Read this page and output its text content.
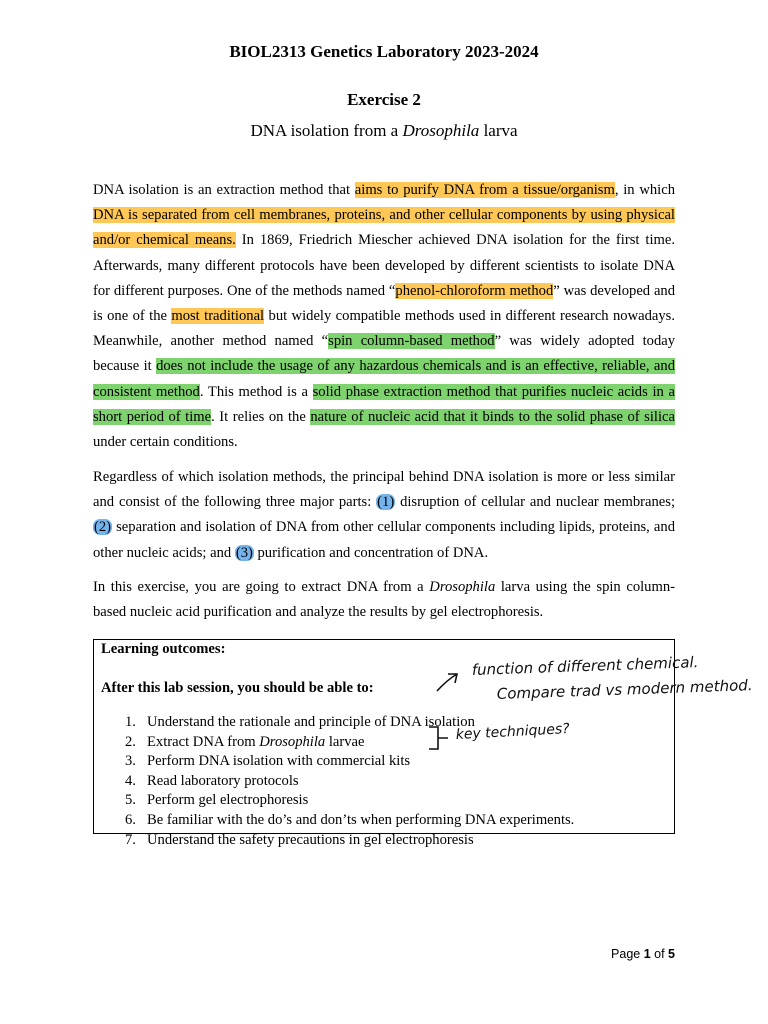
BIOL2313 Genetics Laboratory 2023-2024
Exercise 2
DNA isolation from a Drosophila larva

DNA isolation is an extraction method that aims to purify DNA from a tissue/organism, in which DNA is separated from cell membranes, proteins, and other cellular components by using physical and/or chemical means. In 1869, Friedrich Miescher achieved DNA isolation for the first time. Afterwards, many different protocols have been developed by different scientists to isolate DNA for different purposes. One of the methods named “phenol-chloroform method” was developed and is one of the most traditional but widely compatible methods used in different research nowadays. Meanwhile, another method named “spin column-based method” was widely adopted today because it does not include the usage of any hazardous chemicals and is an effective, reliable, and consistent method. This method is a solid phase extraction method that purifies nucleic acids in a short period of time. It relies on the nature of nucleic acid that it binds to the solid phase of silica under certain conditions.

Regardless of which isolation methods, the principal behind DNA isolation is more or less similar and consist of the following three major parts: (1) disruption of cellular and nuclear membranes; (2) separation and isolation of DNA from other cellular components including lipids, proteins, and other nucleic acids; and (3) purification and concentration of DNA.

In this exercise, you are going to extract DNA from a Drosophila larva using the spin column-based nucleic acid purification and analyze the results by gel electrophoresis.

Learning outcomes:
After this lab session, you should be able to:
1. Understand the rationale and principle of DNA isolation
2. Extract DNA from Drosophila larvae
3. Perform DNA isolation with commercial kits
4. Read laboratory protocols
5. Perform gel electrophoresis
6. Be familiar with the do’s and don’ts when performing DNA experiments.
7. Understand the safety precautions in gel electrophoresis
function of different chemical.
Compare trad vs modern method.
key techniques?
Page 1 of 5
